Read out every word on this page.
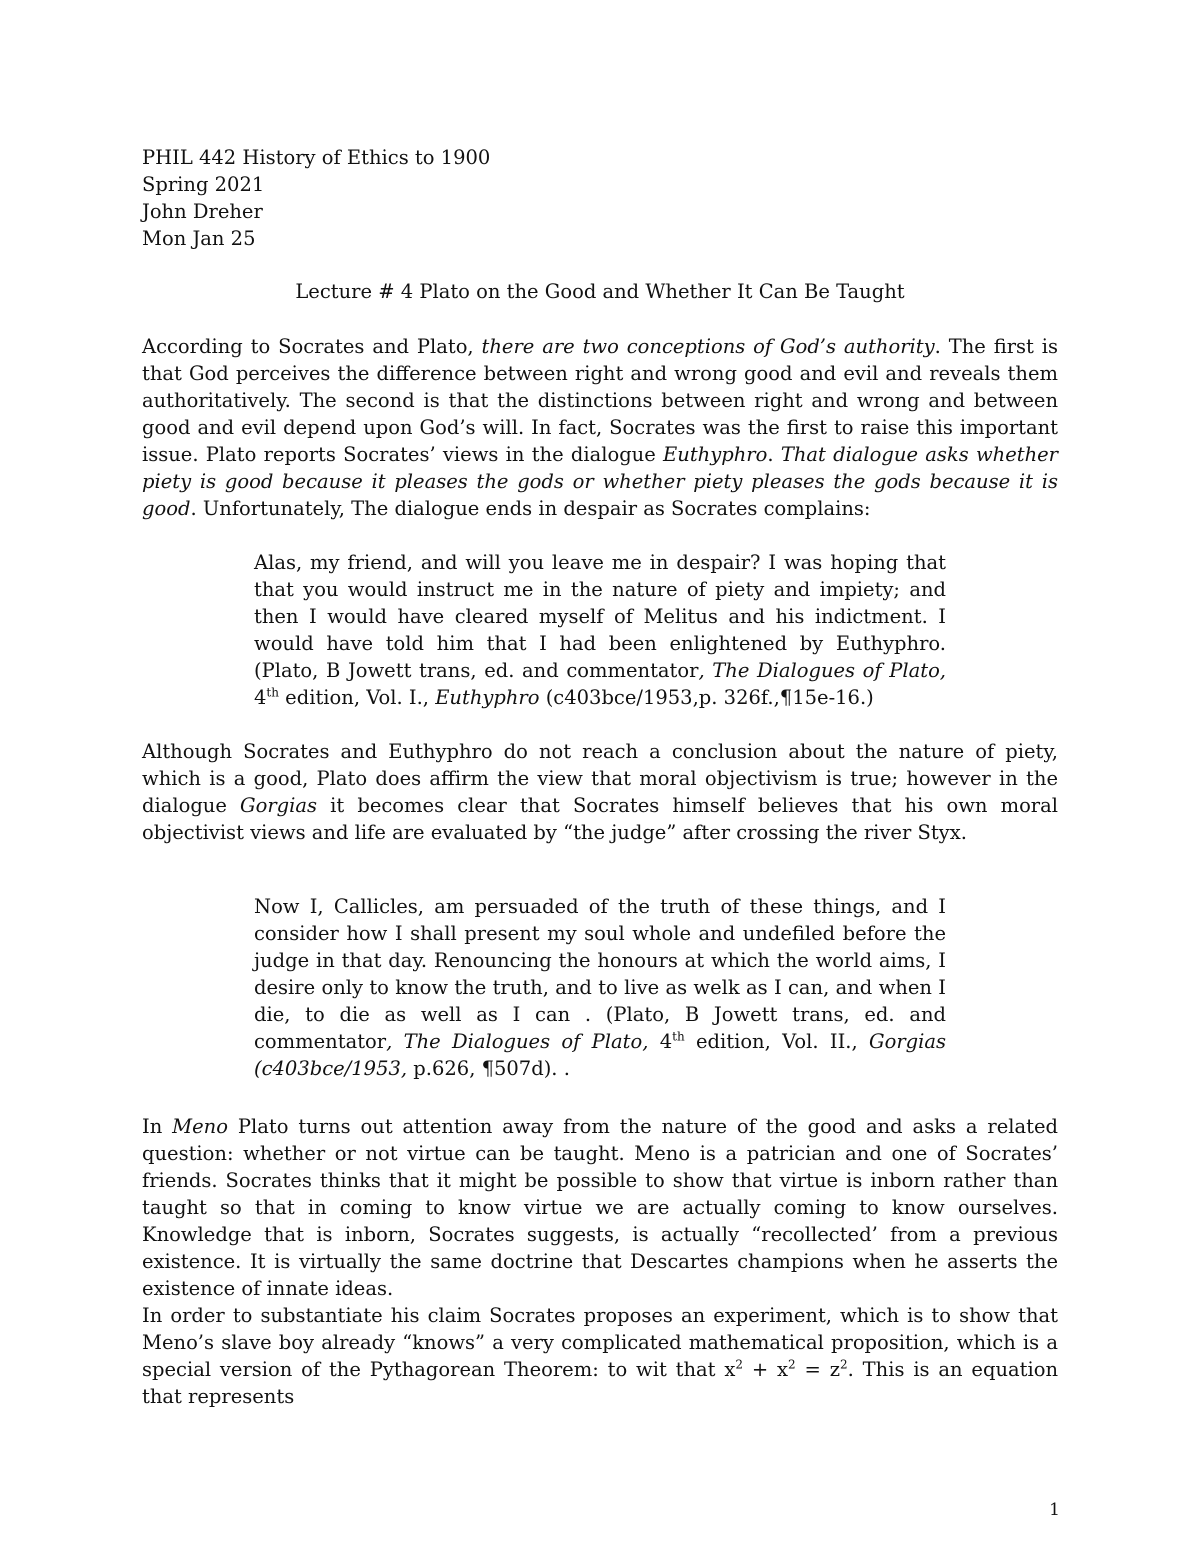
PHIL 442 History of Ethics to 1900
Spring 2021
John Dreher
Mon Jan 25
Lecture # 4 Plato on the Good and Whether It Can Be Taught

According to Socrates and Plato, there are two conceptions of God’s authority. The first is that God perceives the difference between right and wrong good and evil and reveals them authoritatively. The second is that the distinctions between right and wrong and between good and evil depend upon God’s will. In fact, Socrates was the first to raise this important issue. Plato reports Socrates’ views in the dialogue Euthyphro. That dialogue asks whether piety is good because it pleases the gods or whether piety pleases the gods because it is good. Unfortunately, The dialogue ends in despair as Socrates complains:

Alas, my friend, and will you leave me in despair? I was hoping that that you would instruct me in the nature of piety and impiety; and then I would have cleared myself of Melitus and his indictment. I would have told him that I had been enlightened by Euthyphro. (Plato, B Jowett trans, ed. and commentator, The Dialogues of Plato, 4th edition, Vol. I., Euthyphro (c403bce/1953,p. 326f.,¶15e-16.)

Although Socrates and Euthyphro do not reach a conclusion about the nature of piety, which is a good, Plato does affirm the view that moral objectivism is true; however in the dialogue Gorgias it becomes clear that Socrates himself believes that his own moral objectivist views and life are evaluated by “the judge” after crossing the river Styx.

Now I, Callicles, am persuaded of the truth of these things, and I consider how I shall present my soul whole and undefiled before the judge in that day. Renouncing the honours at which the world aims, I desire only to know the truth, and to live as welk as I can, and when I die, to die as well as I can . (Plato, B Jowett trans, ed. and commentator, The Dialogues of Plato, 4th edition, Vol. II., Gorgias (c403bce/1953, p.626, ¶507d). .

In Meno Plato turns out attention away from the nature of the good and asks a related question: whether or not virtue can be taught. Meno is a patrician and one of Socrates’ friends. Socrates thinks that it might be possible to show that virtue is inborn rather than taught so that in coming to know virtue we are actually coming to know ourselves. Knowledge that is inborn, Socrates suggests, is actually “recollected’ from a previous existence. It is virtually the same doctrine that Descartes champions when he asserts the existence of innate ideas.

In order to substantiate his claim Socrates proposes an experiment, which is to show that Meno’s slave boy already “knows” a very complicated mathematical proposition, which is a special version of the Pythagorean Theorem: to wit that $x^2 + x^2 = z^2$. This is an equation that represents

1
